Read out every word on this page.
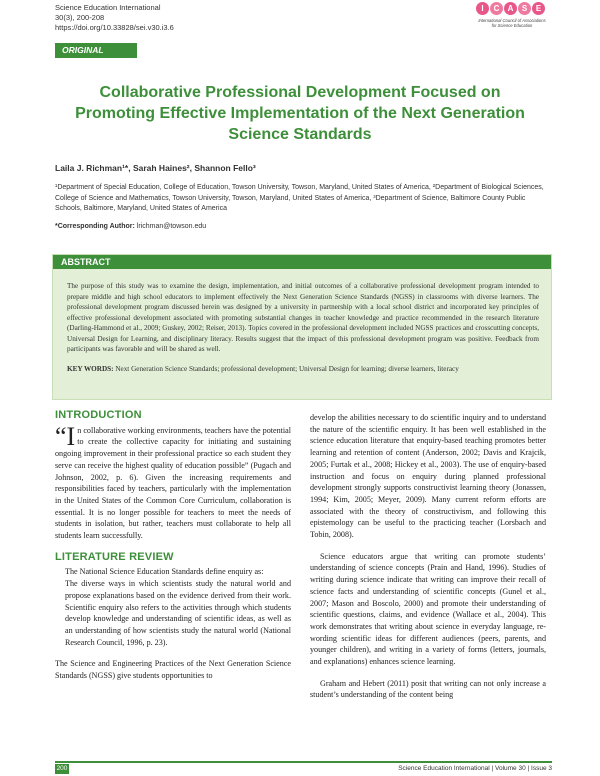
Science Education International
30(3), 200-208
https://doi.org/10.33828/sei.v30.i3.6
I	C	A	S	E
International Council of Associations for Science Education
ORIGINAL ARTICLE
Collaborative Professional Development Focused on Promoting Effective Implementation of the Next Generation Science Standards
Laila J. Richman¹*, Sarah Haines², Shannon Fello³
¹Department of Special Education, College of Education, Towson University, Towson, Maryland, United States of America, ²Department of Biological Sciences, College of Science and Mathematics, Towson University, Towson, Maryland, United States of America, ³Department of Science, Baltimore County Public Schools, Baltimore, Maryland, United States of America
*Corresponding Author: lrichman@towson.edu
ABSTRACT

The purpose of this study was to examine the design, implementation, and initial outcomes of a collaborative professional development program intended to prepare middle and high school educators to implement effectively the Next Generation Science Standards (NGSS) in classrooms with diverse learners. The professional development program discussed herein was designed by a university in partnership with a local school district and incorporated key principles of effective professional development associated with promoting substantial changes in teacher knowledge and practice recommended in the research literature (Darling-Hammond et al., 2009; Guskey, 2002; Reiser, 2013). Topics covered in the professional development included NGSS practices and crosscutting concepts, Universal Design for Learning, and disciplinary literacy. Results suggest that the impact of this professional development program was positive. Feedback from participants was favorable and will be shared as well.

KEY WORDS: Next Generation Science Standards; professional development; Universal Design for learning; diverse learners, literacy

INTRODUCTION

“In collaborative working environments, teachers have the potential to create the collective capacity for initiating and sustaining ongoing improvement in their professional practice so each student they serve can receive the highest quality of education possible” (Pugach and Johnson, 2002, p. 6). Given the increasing requirements and responsibilities faced by teachers, particularly with the implementation in the United States of the Common Core Curriculum, collaboration is essential. It is no longer possible for teachers to meet the needs of students in isolation, but rather, teachers must collaborate to help all students learn successfully.

LITERATURE REVIEW

The National Science Education Standards define enquiry as:

The diverse ways in which scientists study the natural world and propose explanations based on the evidence derived from their work. Scientific enquiry also refers to the activities through which students develop knowledge and understanding of scientific ideas, as well as an understanding of how scientists study the natural world (National Research Council, 1996, p. 23).

The Science and Engineering Practices of the Next Generation Science Standards (NGSS) give students opportunities to

develop the abilities necessary to do scientific inquiry and to understand the nature of the scientific enquiry. It has been well established in the science education literature that enquiry-based teaching promotes better learning and retention of content (Anderson, 2002; Davis and Krajcik, 2005; Furtak et al., 2008; Hickey et al., 2003). The use of enquiry-based instruction and focus on enquiry during planned professional development strongly supports constructivist learning theory (Jonassen, 1994; Kim, 2005; Meyer, 2009). Many current reform efforts are associated with the theory of constructivism, and following this epistemology can be useful to the practicing teacher (Lorsbach and Tobin, 2008).

Science educators argue that writing can promote students’ understanding of science concepts (Prain and Hand, 1996). Studies of writing during science indicate that writing can improve their recall of science facts and understanding of scientific concepts (Gunel et al., 2007; Mason and Boscolo, 2000) and promote their understanding of scientific questions, claims, and evidence (Wallace et al., 2004). This work demonstrates that writing about science in everyday language, re-wording scientific ideas for different audiences (peers, parents, and younger children), and writing in a variety of forms (letters, journals, and explanations) enhances science learning.

Graham and Hebert (2011) posit that writing can not only increase a student’s understanding of the content being

200	Science Education International | Volume 30 | Issue 3
